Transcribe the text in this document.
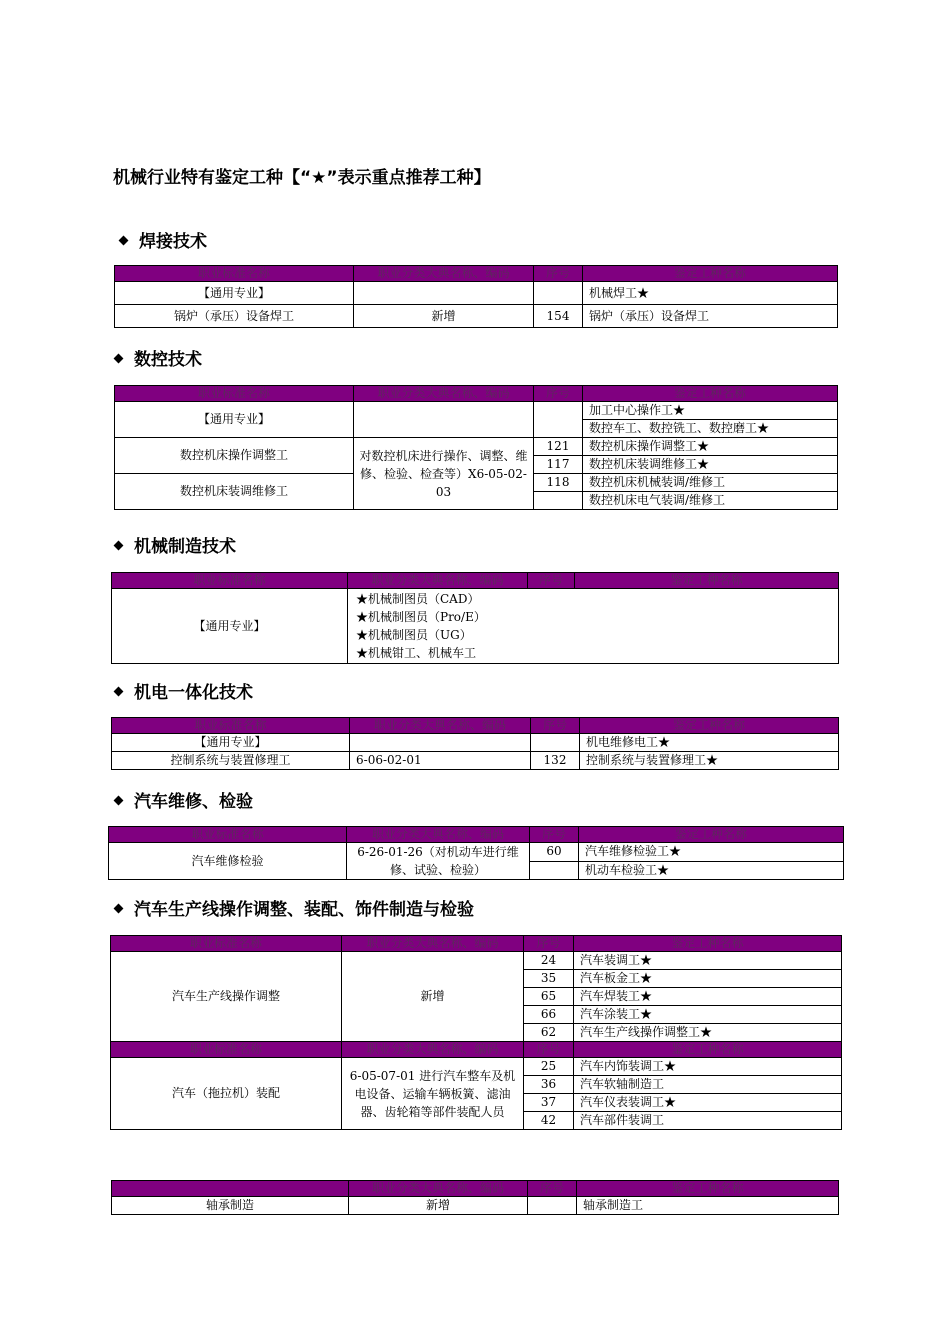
机械行业特有鉴定工种【“★”表示重点推荐工种】
焊接技术
职业标准名称	职业分类大典名称、编码	序号	鉴定工种名称
【通用专业】			机械焊工★
锅炉（承压）设备焊工	新增	154	锅炉（承压）设备焊工
数控技术
职业标准名称	职业分类大典名称、编码	序号	鉴定工种名称
【通用专业】			加工中心操作工★
			数控车工、数控铣工、数控磨工★
数控机床操作调整工	对数控机床进行操作、调整、维修、检验、检查等）X6-05-02-03	121	数控机床操作调整工★
		117	数控机床装调维修工★
数控机床装调维修工		118	数控机床机械装调/维修工
			数控机床电气装调/维修工
机械制造技术
职业标准名称	职业分类大典名称、编码	序号	鉴定工种名称
【通用专业】	★机械制图员（CAD）
★机械制图员（Pro/E）
★机械制图员（UG）
★机械钳工、机械车工		
机电一体化技术
职业标准名称	职业分类大典名称、编码	序号	鉴定工种名称
【通用专业】			机电维修电工★
控制系统与装置修理工	6-06-02-01	132	控制系统与装置修理工★
汽车维修、检验
职业标准名称	职业分类大典名称、编码	序号	鉴定工种名称
汽车维修检验	6-26-01-26（对机动车进行维修、试验、检验）	60	汽车维修检验工★
			机动车检验工★
汽车生产线操作调整、装配、饰件制造与检验
职业标准名称	职业分类大典名称、编码	序号	鉴定工种名称
汽车生产线操作调整	新增	24	汽车装调工★
		35	汽车板金工★
		65	汽车焊装工★
		66	汽车涂装工★
		62	汽车生产线操作调整工★
职业标准名称	职业分类大典名称、编码	序号	鉴定工种名称
汽车（拖拉机）装配	6-05-07-01 进行汽车整车及机电设备、运输车辆板簧、滤油器、齿轮箱等部件装配人员	25	汽车内饰装调工★
		36	汽车软轴制造工
		37	汽车仪表装调工★
		42	汽车部件装调工
	职业分类大典名称、编码	序号	鉴定工种名称
轴承制造	新增		轴承制造工
